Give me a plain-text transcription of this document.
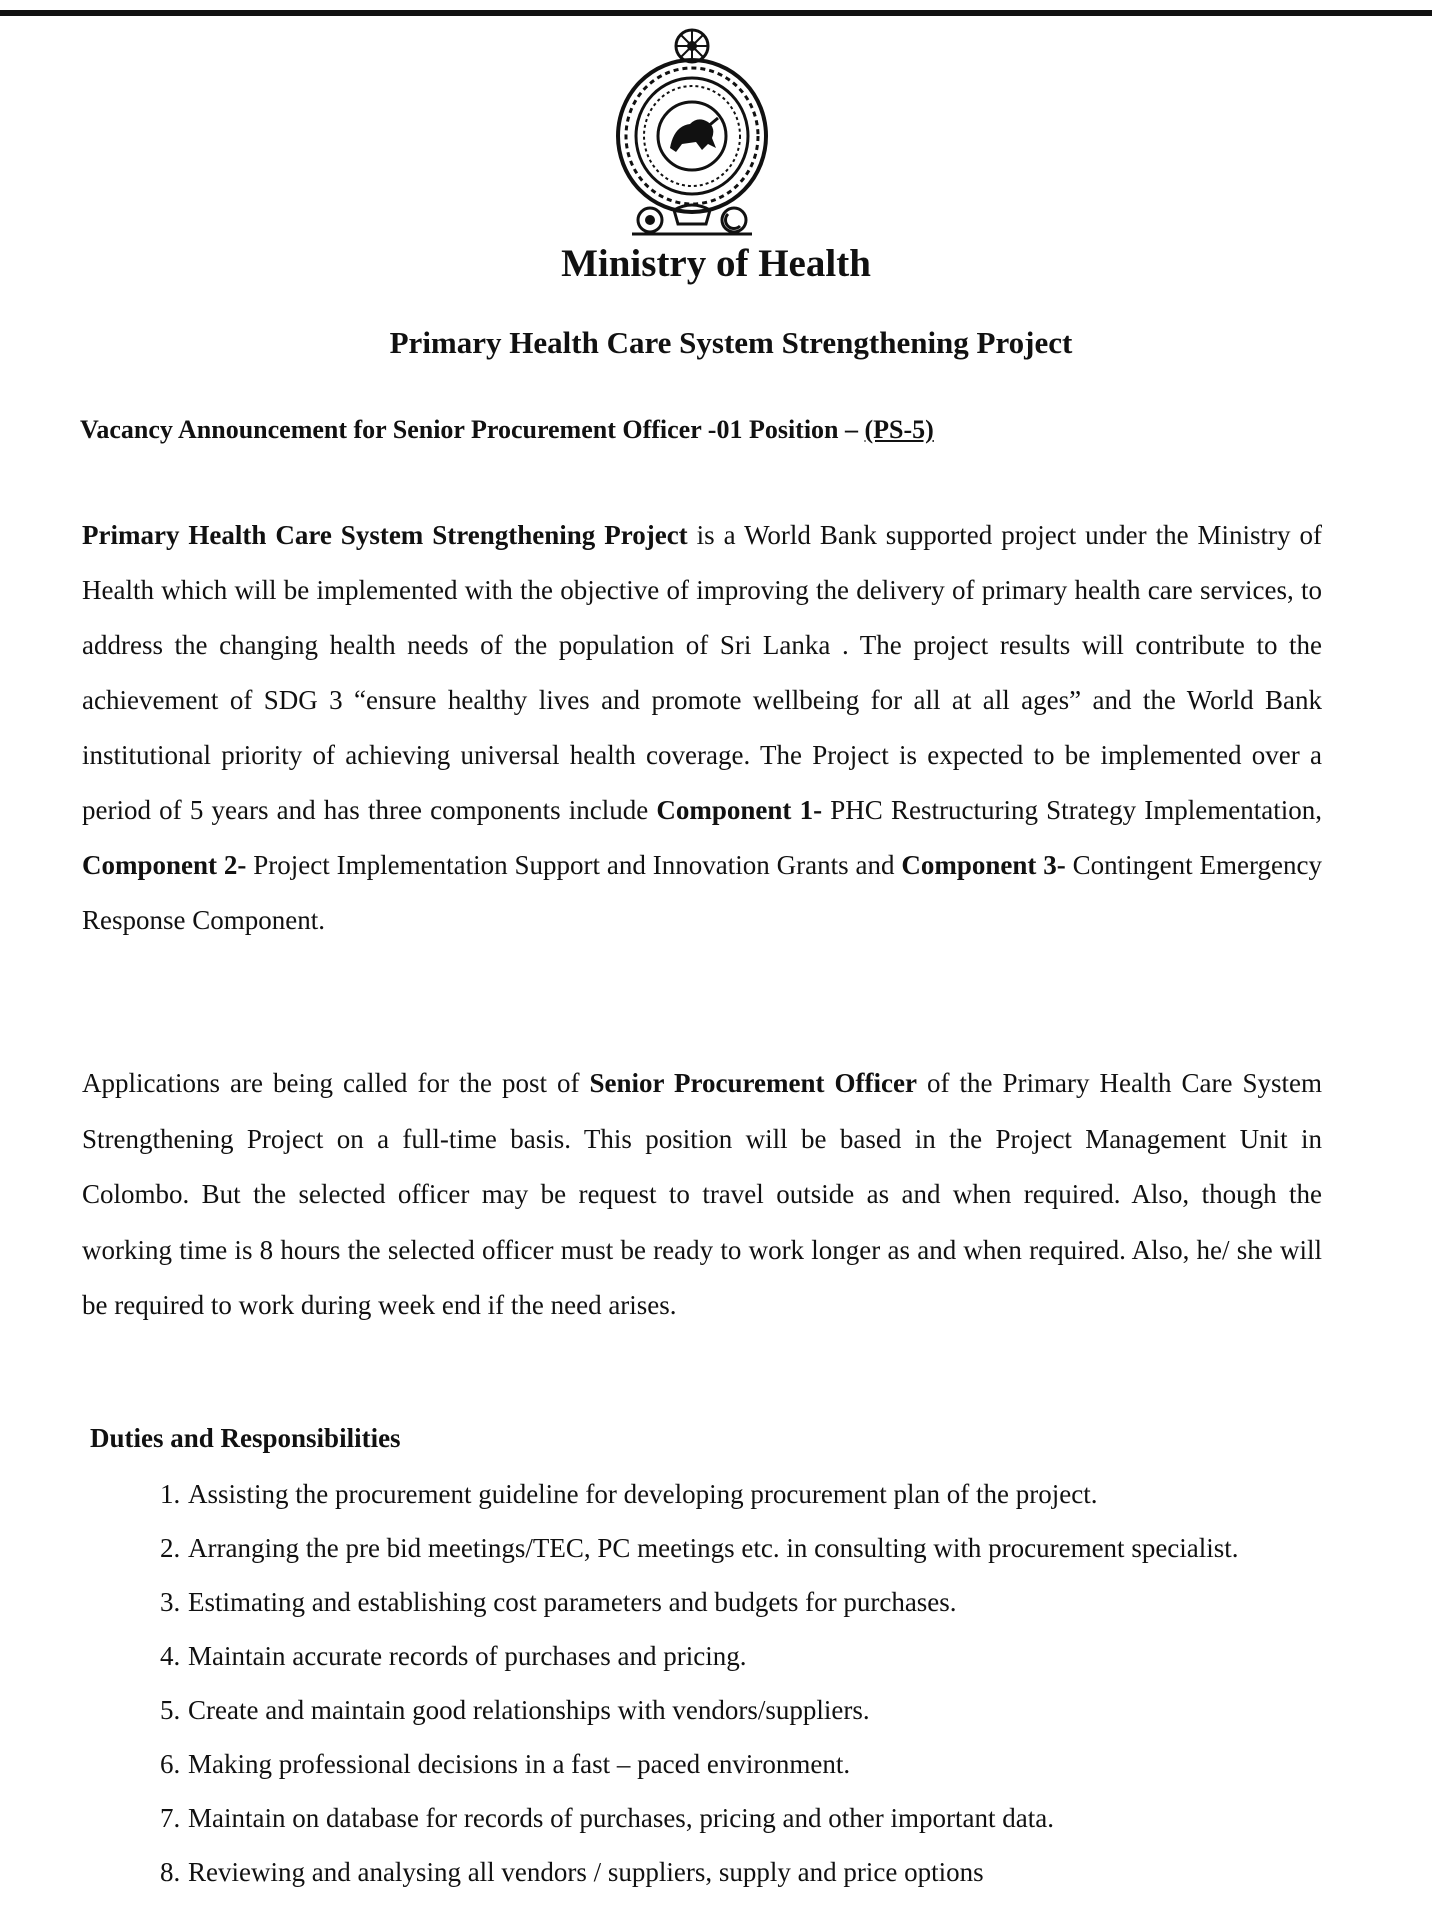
Ministry of Health
Primary Health Care System Strengthening Project
Vacancy Announcement for Senior Procurement Officer -01 Position – (PS-5)
Primary Health Care System Strengthening Project is a World Bank supported project under the Ministry of Health which will be implemented with the objective of improving the delivery of primary health care services, to address the changing health needs of the population of Sri Lanka . The project results will contribute to the achievement of SDG 3 “ensure healthy lives and promote wellbeing for all at all ages” and the World Bank institutional priority of achieving universal health coverage. The Project is expected to be implemented over a period of 5 years and has three components include Component 1- PHC Restructuring Strategy Implementation, Component 2- Project Implementation Support and Innovation Grants and Component 3- Contingent Emergency Response Component.
Applications are being called for the post of Senior Procurement Officer of the Primary Health Care System Strengthening Project on a full-time basis. This position will be based in the Project Management Unit in Colombo. But the selected officer may be request to travel outside as and when required. Also, though the working time is 8 hours the selected officer must be ready to work longer as and when required. Also, he/ she will be required to work during week end if the need arises.
Duties and Responsibilities
1. Assisting the procurement guideline for developing procurement plan of the project.
2. Arranging the pre bid meetings/TEC, PC meetings etc. in consulting with procurement specialist.
3. Estimating and establishing cost parameters and budgets for purchases.
4. Maintain accurate records of purchases and pricing.
5. Create and maintain good relationships with vendors/suppliers.
6. Making professional decisions in a fast – paced environment.
7. Maintain on database for records of purchases, pricing and other important data.
8. Reviewing and analysing all vendors / suppliers, supply and price options
